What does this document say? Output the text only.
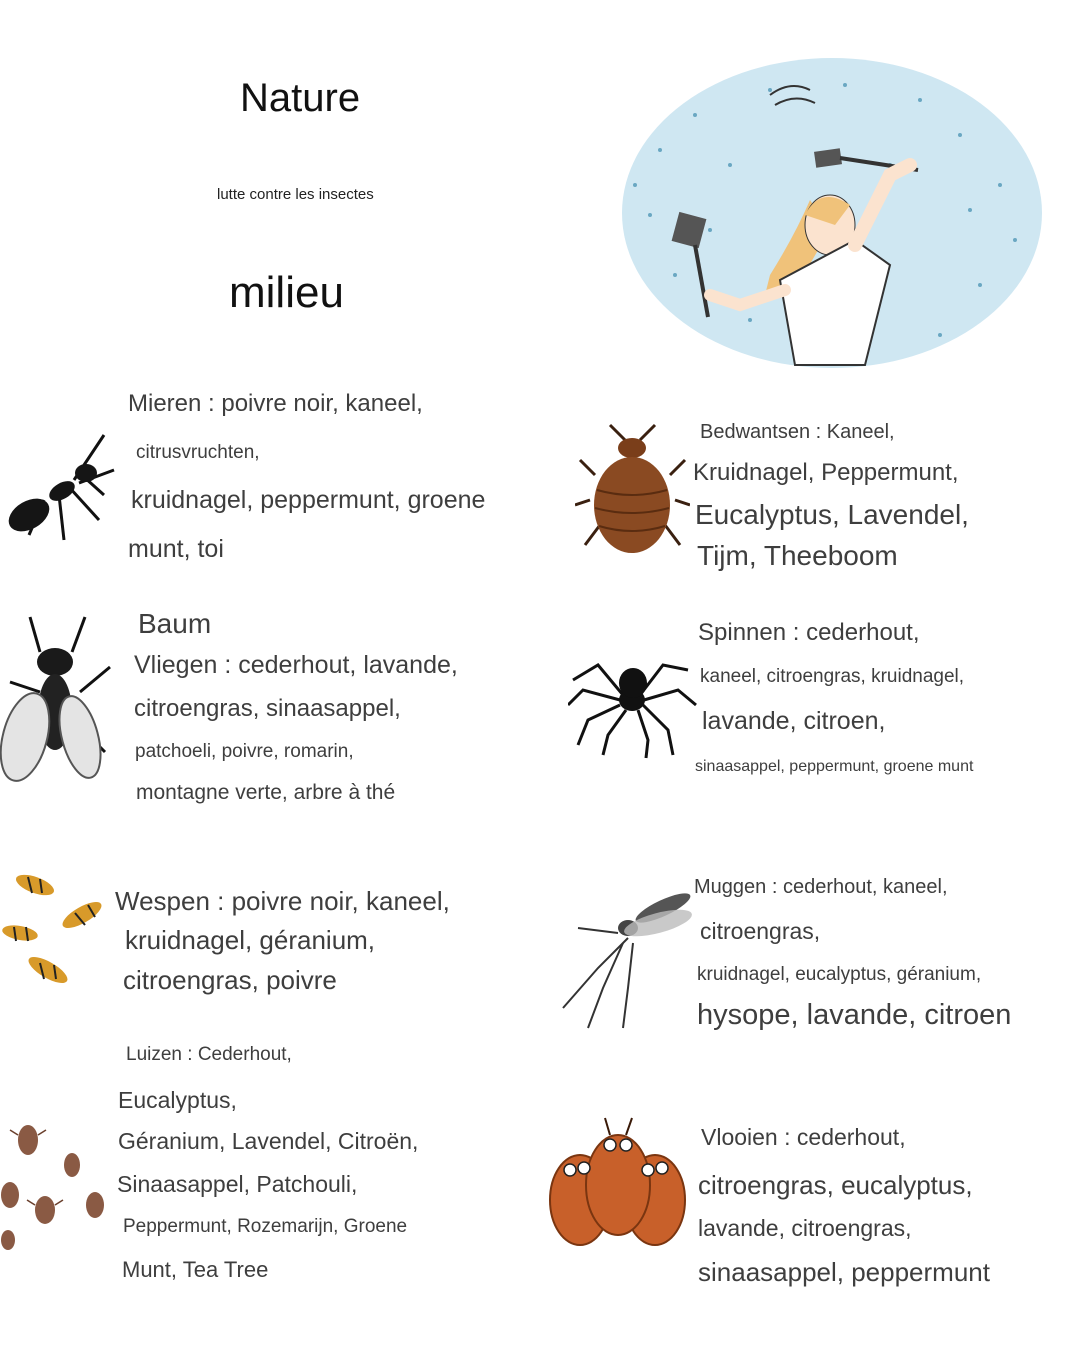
Nature
lutte contre les insectes
milieu
Mieren : poivre noir, kaneel,
citrusvruchten,
kruidnagel, peppermunt, groene
munt, toi
Bedwantsen : Kaneel,
Kruidnagel, Peppermunt,
Eucalyptus, Lavendel,
Tijm, Theeboom
Baum
Vliegen : cederhout, lavande,
citroengras, sinaasappel,
patchoeli, poivre, romarin,
montagne verte, arbre à thé
Spinnen : cederhout,
kaneel, citroengras, kruidnagel,
lavande, citroen,
sinaasappel, peppermunt, groene munt
Wespen : poivre noir, kaneel,
kruidnagel, géranium,
citroengras, poivre
Muggen : cederhout, kaneel,
citroengras,
kruidnagel, eucalyptus, géranium,
hysope, lavande, citroen
Luizen : Cederhout,
Eucalyptus,
Géranium, Lavendel, Citroën,
Sinaasappel, Patchouli,
Peppermunt, Rozemarijn, Groene
Munt, Tea Tree
Vlooien : cederhout,
citroengras, eucalyptus,
lavande, citroengras,
sinaasappel, peppermunt
